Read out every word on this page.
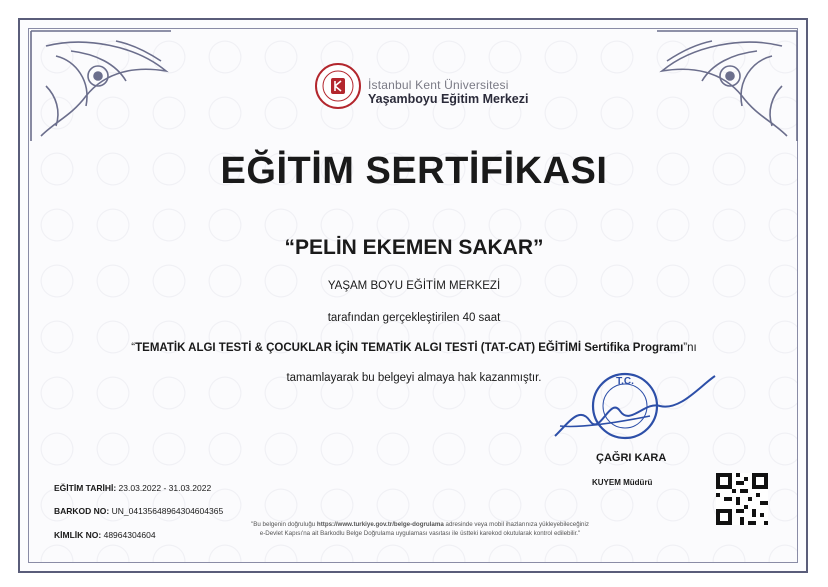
İstanbul Kent Üniversitesi
Yaşamboyu Eğitim Merkezi
EĞİTİM SERTİFİKASI
“PELİN EKEMEN SAKAR”
YAŞAM BOYU EĞİTİM MERKEZİ
tarafından gerçekleştirilen 40 saat
“TEMATİK ALGI TESTİ & ÇOCUKLAR İÇİN TEMATİK ALGI TESTİ (TAT-CAT) EĞİTİMİ Sertifika Programı”nı
tamamlayarak bu belgeyi almaya hak kazanmıştır.	T.C.
ÇAĞRI KARA
KUYEM Müdürü
EĞİTİM TARİHİ: 23.03.2022 - 31.03.2022
BARKOD NO: UN_04135648964304604365
KİMLİK NO: 48964304604
"Bu belgenin doğruluğu https://www.turkiye.gov.tr/belge-dogrulama adresinde veya mobil ihazlarınıza yükleyebileceğiniz
e-Devlet Kapısı'na ait Barkodlu Belge Doğrulama uygulaması vasıtası ile üstteki karekod okutularak kontrol edilebilir."
